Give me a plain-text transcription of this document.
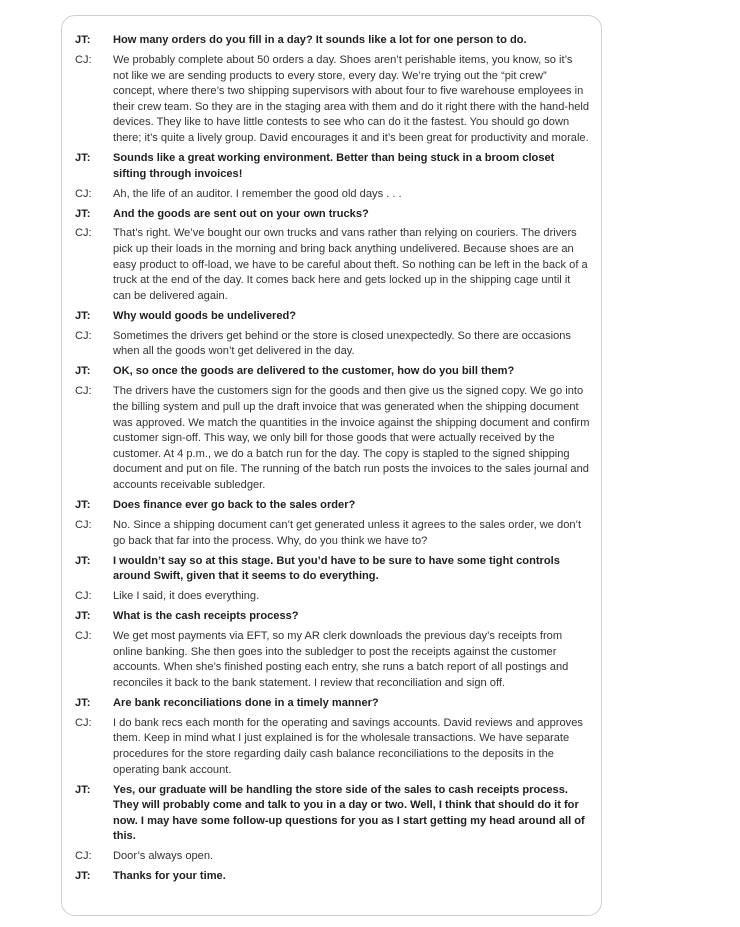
JT:	How many orders do you fill in a day? It sounds like a lot for one person to do.
CJ:	We probably complete about 50 orders a day. Shoes aren’t perishable items, you know, so it’s not like we are sending products to every store, every day. We’re trying out the “pit crew” concept, where there’s two shipping supervisors with about four to five warehouse employees in their crew team. So they are in the staging area with them and do it right there with the hand-held devices. They like to have little contests to see who can do it the fastest. You should go down there; it’s quite a lively group. David encourages it and it’s been great for productivity and morale.
JT:	Sounds like a great working environment. Better than being stuck in a broom closet sifting through invoices!
CJ:	Ah, the life of an auditor. I remember the good old days . . .
JT:	And the goods are sent out on your own trucks?
CJ:	That’s right. We’ve bought our own trucks and vans rather than relying on couriers. The drivers pick up their loads in the morning and bring back anything undelivered. Because shoes are an easy product to off-load, we have to be careful about theft. So nothing can be left in the back of a truck at the end of the day. It comes back here and gets locked up in the shipping cage until it can be delivered again.
JT:	Why would goods be undelivered?
CJ:	Sometimes the drivers get behind or the store is closed unexpectedly. So there are occasions when all the goods won’t get delivered in the day.
JT:	OK, so once the goods are delivered to the customer, how do you bill them?
CJ:	The drivers have the customers sign for the goods and then give us the signed copy. We go into the billing system and pull up the draft invoice that was generated when the shipping document was approved. We match the quantities in the invoice against the shipping document and confirm customer sign-off. This way, we only bill for those goods that were actually received by the customer. At 4 p.m., we do a batch run for the day. The copy is stapled to the signed shipping document and put on file. The running of the batch run posts the invoices to the sales journal and accounts receivable subledger.
JT:	Does finance ever go back to the sales order?
CJ:	No. Since a shipping document can’t get generated unless it agrees to the sales order, we don’t go back that far into the process. Why, do you think we have to?
JT:	I wouldn’t say so at this stage. But you’d have to be sure to have some tight controls around Swift, given that it seems to do everything.
CJ:	Like I said, it does everything.
JT:	What is the cash receipts process?
CJ:	We get most payments via EFT, so my AR clerk downloads the previous day’s receipts from online banking. She then goes into the subledger to post the receipts against the customer accounts. When she’s finished posting each entry, she runs a batch report of all postings and reconciles it back to the bank statement. I review that reconciliation and sign off.
JT:	Are bank reconciliations done in a timely manner?
CJ:	I do bank recs each month for the operating and savings accounts. David reviews and approves them. Keep in mind what I just explained is for the wholesale transactions. We have separate procedures for the store regarding daily cash balance reconciliations to the deposits in the operating bank account.
JT:	Yes, our graduate will be handling the store side of the sales to cash receipts process. They will probably come and talk to you in a day or two. Well, I think that should do it for now. I may have some follow-up questions for you as I start getting my head around all of this.
CJ:	Door’s always open.
JT:	Thanks for your time.
